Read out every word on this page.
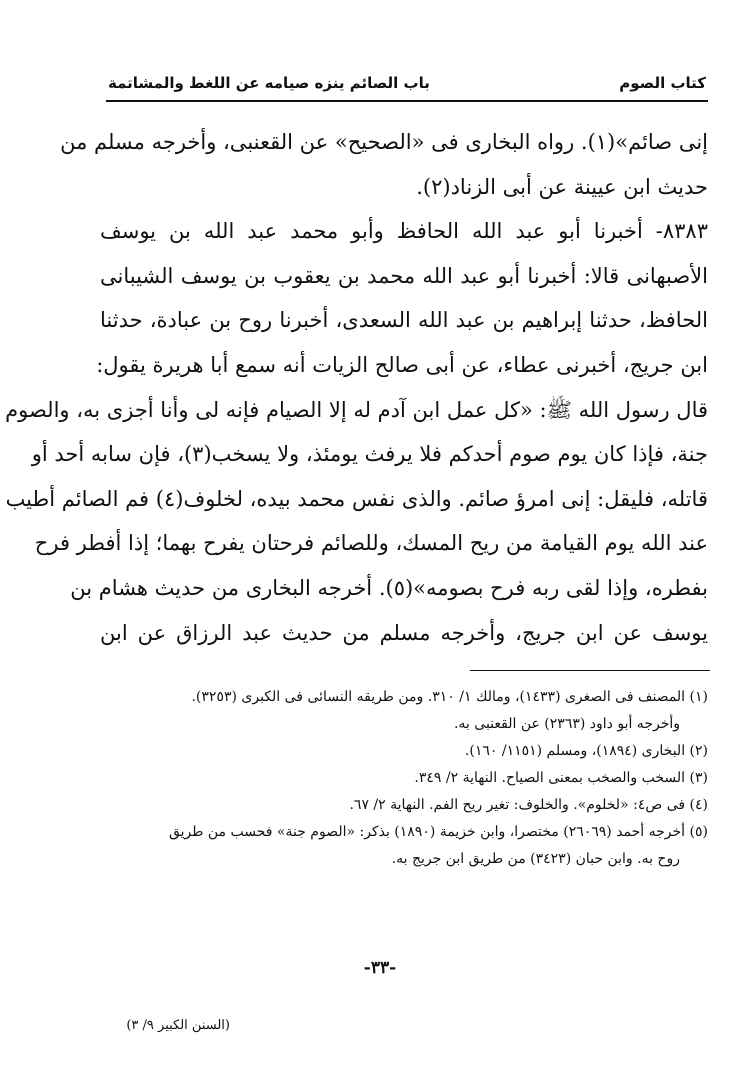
كتاب الصوم
باب الصائم ينزه صيامه عن اللغط والمشاتمة
إنى صائم»(١). رواه البخارى فى «الصحيح» عن القعنبى، وأخرجه مسلم من
حديث ابن عيينة عن أبى الزناد(٢).
٨٣٨٣- أخبرنا أبو عبد الله الحافظ وأبو محمد عبد الله بن يوسف
الأصبهانى قالا: أخبرنا أبو عبد الله محمد بن يعقوب بن يوسف الشيبانى
الحافظ، حدثنا إبراهيم بن عبد الله السعدى، أخبرنا روح بن عبادة، حدثنا
ابن جريج، أخبرنى عطاء، عن أبى صالح الزيات أنه سمع أبا هريرة يقول:
قال رسول الله ﷺ: «كل عمل ابن آدم له إلا الصيام فإنه لى وأنا أجزى به، والصوم
جنة، فإذا كان يوم صوم أحدكم فلا يرفث يومئذ، ولا يسخب(٣)، فإن سابه أحد أو
قاتله، فليقل: إنى امرؤ صائم. والذى نفس محمد بيده، لخلوف(٤) فم الصائم أطيب
عند الله يوم القيامة من ريح المسك، وللصائم فرحتان يفرح بهما؛ إذا أفطر فرح
بفطره، وإذا لقى ربه فرح بصومه»(٥). أخرجه البخارى من حديث هشام بن
يوسف عن ابن جريج، وأخرجه مسلم من حديث عبد الرزاق عن ابن
(١) المصنف فى الصغرى (١٤٣٣)، ومالك ١/ ٣١٠. ومن طريقه النسائى فى الكبرى (٣٢٥٣).
وأخرجه أبو داود (٢٣٦٣) عن القعنبى به.
(٢) البخارى (١٨٩٤)، ومسلم (١١٥١/ ١٦٠).
(٣) السخب والصخب بمعنى الصياح. النهاية ٢/ ٣٤٩.
(٤) فى ص٤: «لخلوم». والخلوف: تغير ريح الفم. النهاية ٢/ ٦٧.
(٥) أخرجه أحمد (٢٦٠٦٩) مختصرا، وابن خزيمة (١٨٩٠) بذكر: «الصوم جنة» فحسب من طريق
روح به. وابن حبان (٣٤٢٣) من طريق ابن جريج به.
-٣٣-
(السنن الكبير ٩/ ٣)
